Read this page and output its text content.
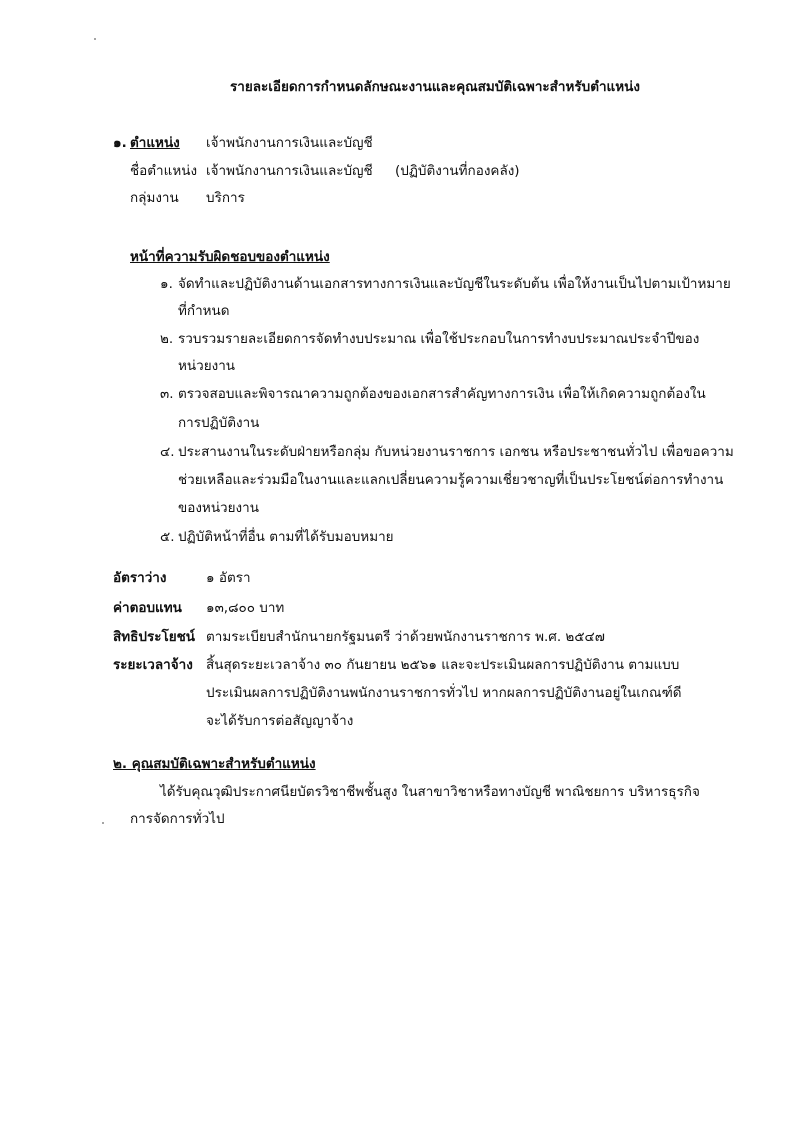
รายละเอียดการกำหนดลักษณะงานและคุณสมบัติเฉพาะสำหรับตำแหน่ง
๑. ตำแหน่ง เจ้าพนักงานการเงินและบัญชี
ชื่อตำแหน่ง เจ้าพนักงานการเงินและบัญชี (ปฏิบัติงานที่กองคลัง)
กลุ่มงาน บริการ
หน้าที่ความรับผิดชอบของตำแหน่ง
๑. จัดทำและปฏิบัติงานด้านเอกสารทางการเงินและบัญชีในระดับต้น เพื่อให้งานเป็นไปตามเป้าหมาย
ที่กำหนด
๒. รวบรวมรายละเอียดการจัดทำงบประมาณ เพื่อใช้ประกอบในการทำงบประมาณประจำปีของ
หน่วยงาน
๓. ตรวจสอบและพิจารณาความถูกต้องของเอกสารสำคัญทางการเงิน เพื่อให้เกิดความถูกต้องใน
การปฏิบัติงาน
๔. ประสานงานในระดับฝ่ายหรือกลุ่ม กับหน่วยงานราชการ เอกชน หรือประชาชนทั่วไป เพื่อขอความ
ช่วยเหลือและร่วมมือในงานและแลกเปลี่ยนความรู้ความเชี่ยวชาญที่เป็นประโยชน์ต่อการทำงาน
ของหน่วยงาน
๕. ปฏิบัติหน้าที่อื่น ตามที่ได้รับมอบหมาย
อัตราว่าง	๑ อัตรา
ค่าตอบแทน ๑๓,๘๐๐ บาท
สิทธิประโยชน์ ตามระเบียบสำนักนายกรัฐมนตรี ว่าด้วยพนักงานราชการ พ.ศ. ๒๕๔๗
ระยะเวลาจ้าง สิ้นสุดระยะเวลาจ้าง ๓๐ กันยายน ๒๕๖๑ และจะประเมินผลการปฏิบัติงาน ตามแบบ
ประเมินผลการปฏิบัติงานพนักงานราชการทั่วไป หากผลการปฏิบัติงานอยู่ในเกณฑ์ดี
จะได้รับการต่อสัญญาจ้าง
๒. คุณสมบัติเฉพาะสำหรับตำแหน่ง
ได้รับคุณวุฒิประกาศนียบัตรวิชาชีพชั้นสูง ในสาขาวิชาหรือทางบัญชี พาณิชยการ บริหารธุรกิจ
การจัดการทั่วไป
